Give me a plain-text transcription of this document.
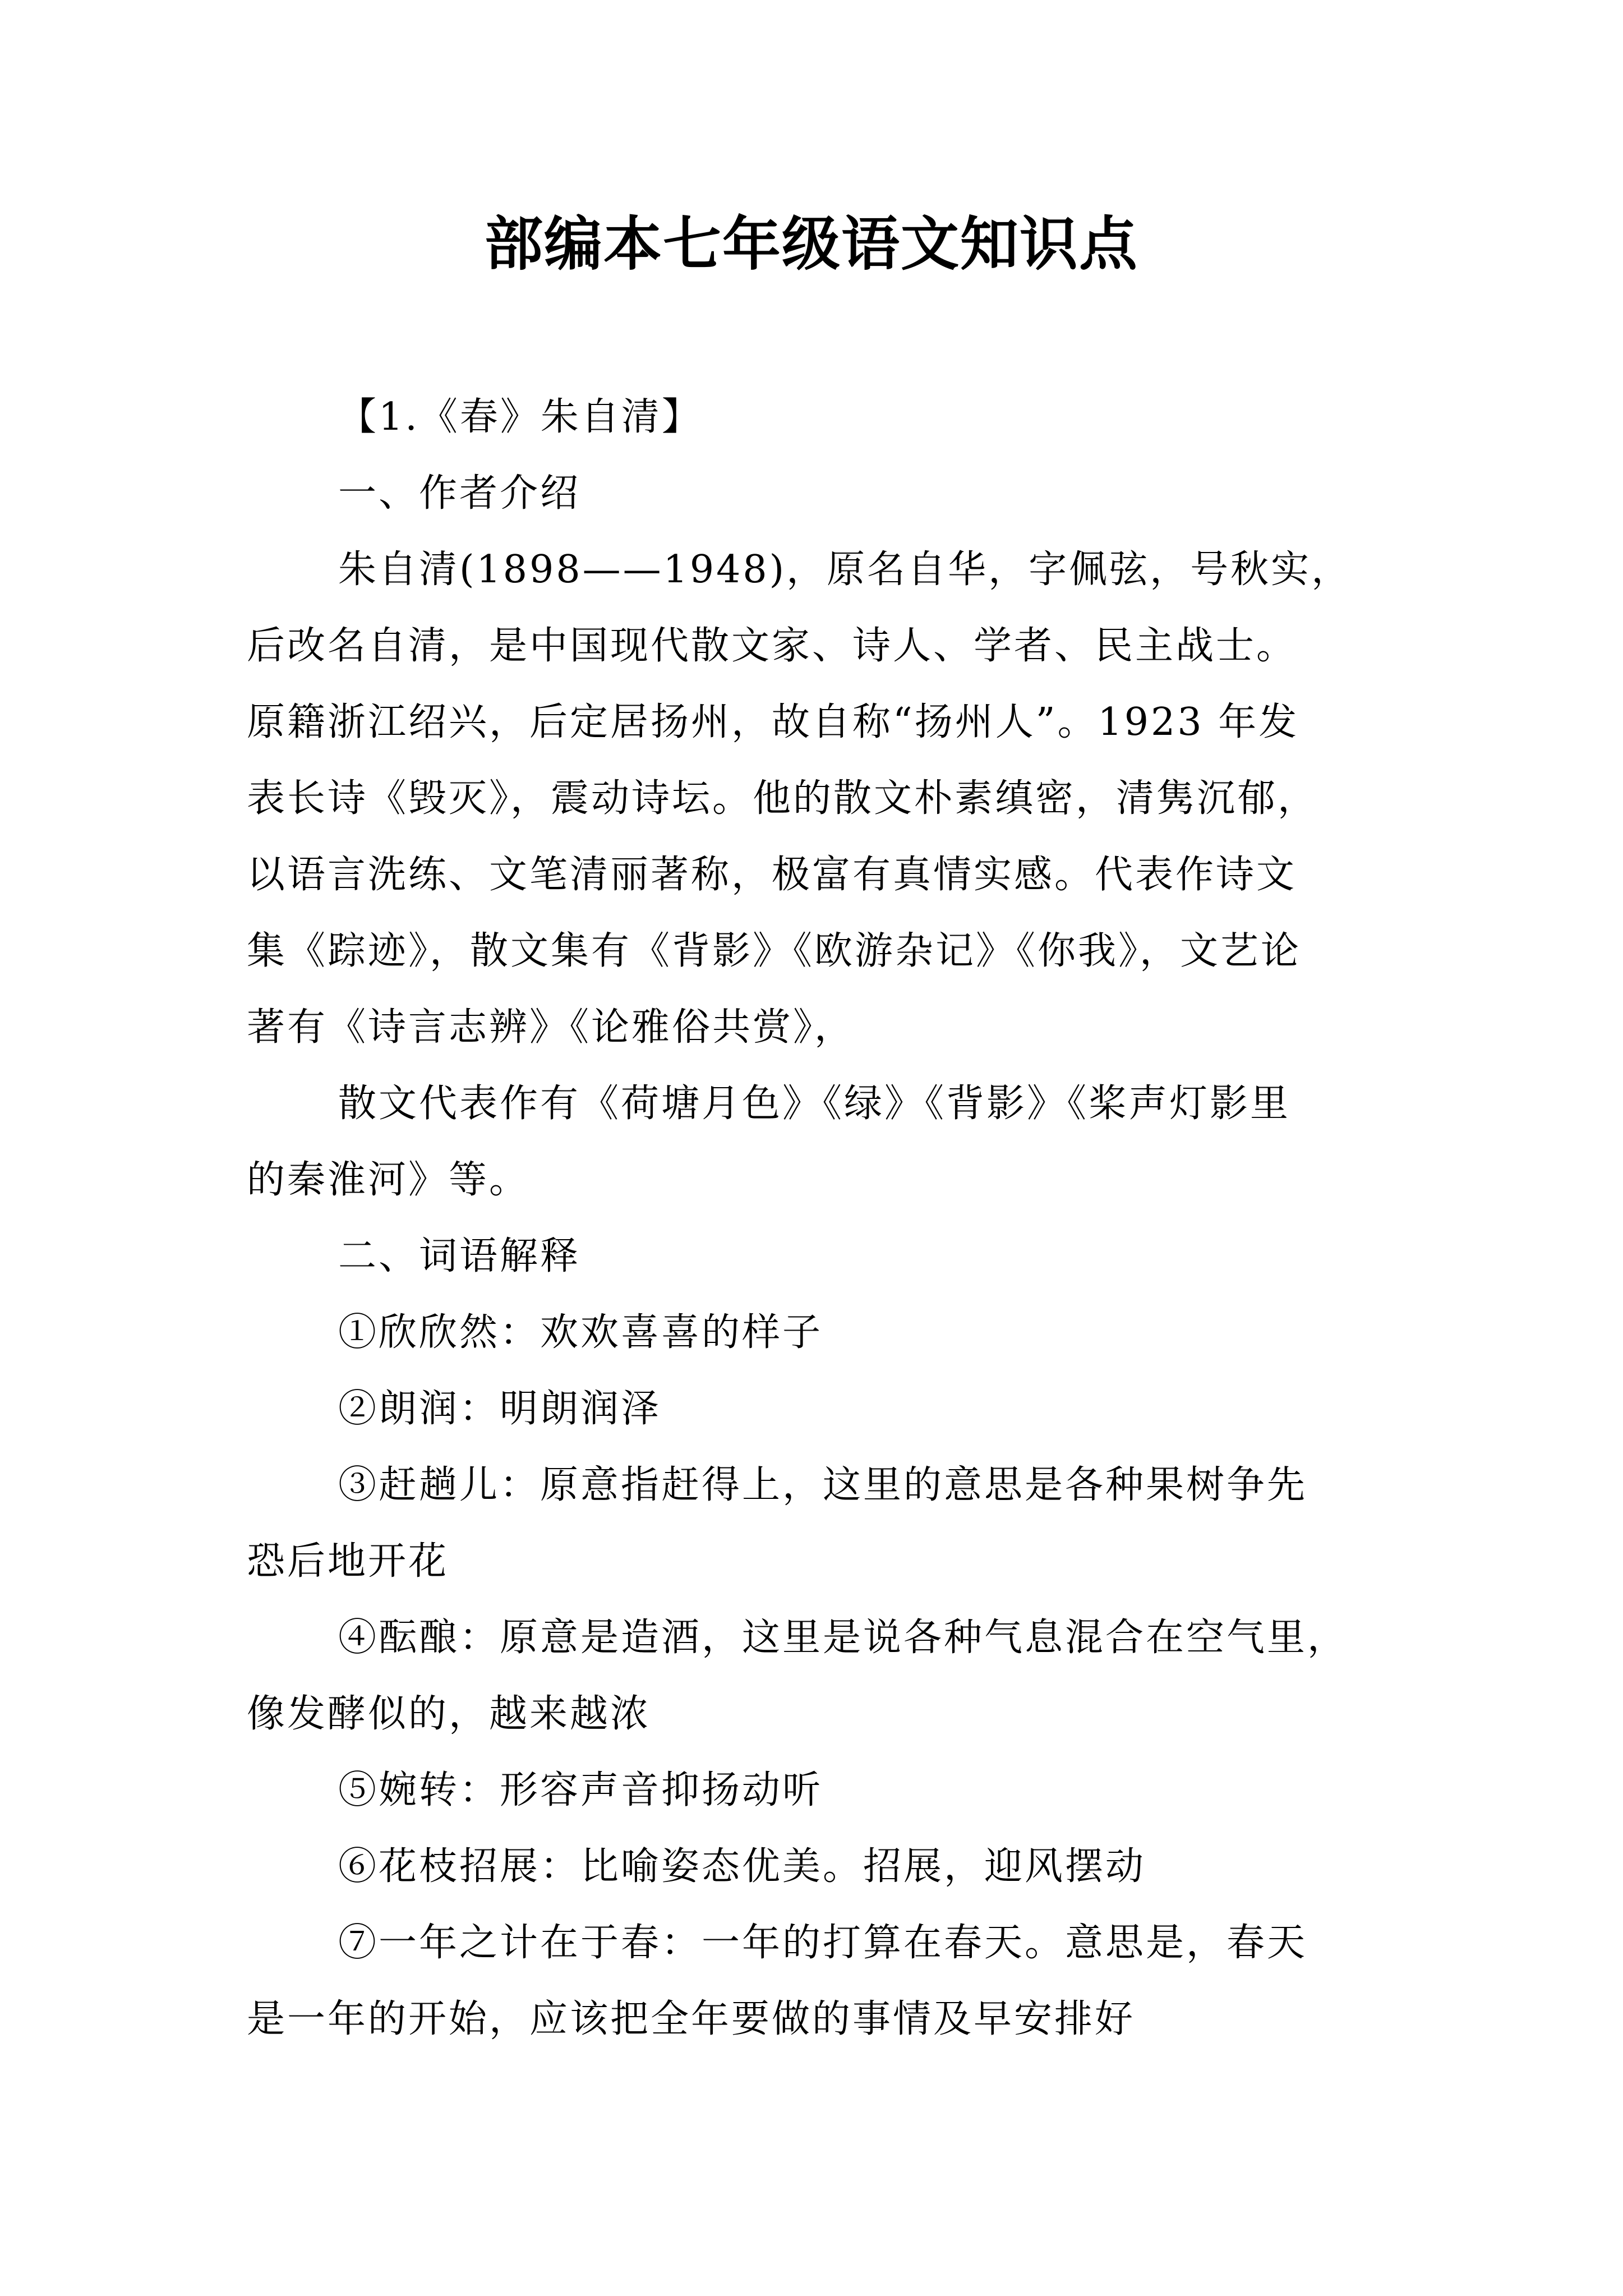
部编本七年级语文知识点

【1.《春》朱自清】

一、作者介绍

朱自清(1898——1948)，原名自华，字佩弦，号秋实，

后改名自清，是中国现代散文家、诗人、学者、民主战士。

原籍浙江绍兴，后定居扬州，故自称“扬州人”。1923 年发

表长诗《毁灭》，震动诗坛。他的散文朴素缜密，清隽沉郁，

以语言洗练、文笔清丽著称，极富有真情实感。代表作诗文

集《踪迹》，散文集有《背影》《欧游杂记》《你我》，文艺论

著有《诗言志辨》《论雅俗共赏》，

散文代表作有《荷塘月色》《绿》《背影》《桨声灯影里

的秦淮河》等。

二、词语解释

①欣欣然：欢欢喜喜的样子

②朗润：明朗润泽

③赶趟儿：原意指赶得上，这里的意思是各种果树争先

恐后地开花

④酝酿：原意是造酒，这里是说各种气息混合在空气里，

像发酵似的，越来越浓

⑤婉转：形容声音抑扬动听

⑥花枝招展：比喻姿态优美。招展，迎风摆动

⑦一年之计在于春：一年的打算在春天。意思是，春天

是一年的开始，应该把全年要做的事情及早安排好
